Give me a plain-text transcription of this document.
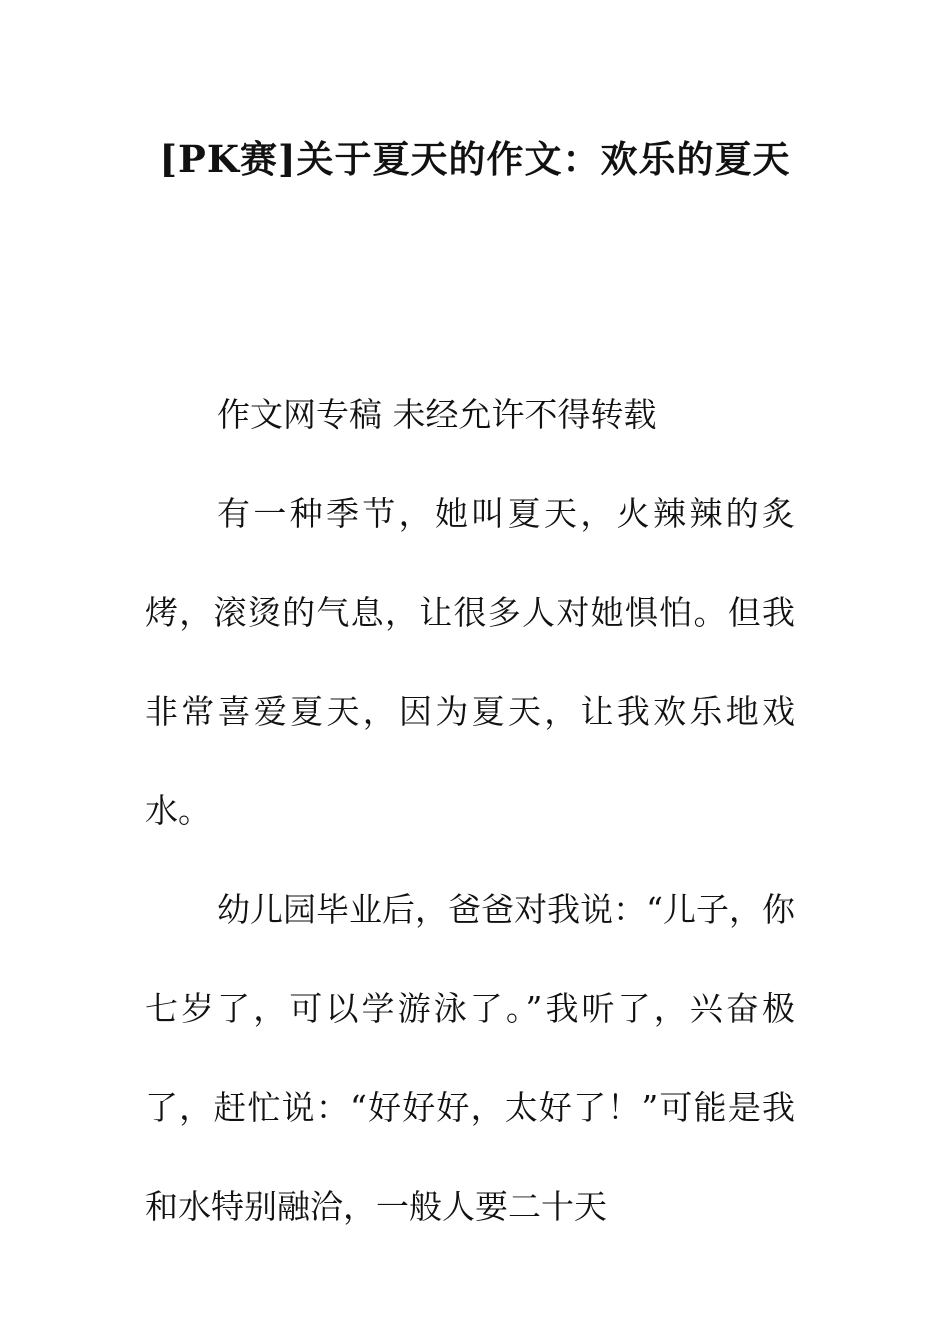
[PK赛]关于夏天的作文：欢乐的夏天

作文网专稿 未经允许不得转载

有一种季节，她叫夏天，火辣辣的炙烤，滚烫的气息，让很多人对她惧怕。但我非常喜爱夏天，因为夏天，让我欢乐地戏水。

幼儿园毕业后，爸爸对我说：“儿子，你七岁了，可以学游泳了。”我听了，兴奋极了，赶忙说：“好好好，太好了！”可能是我和水特别融洽，一般人要二十天
